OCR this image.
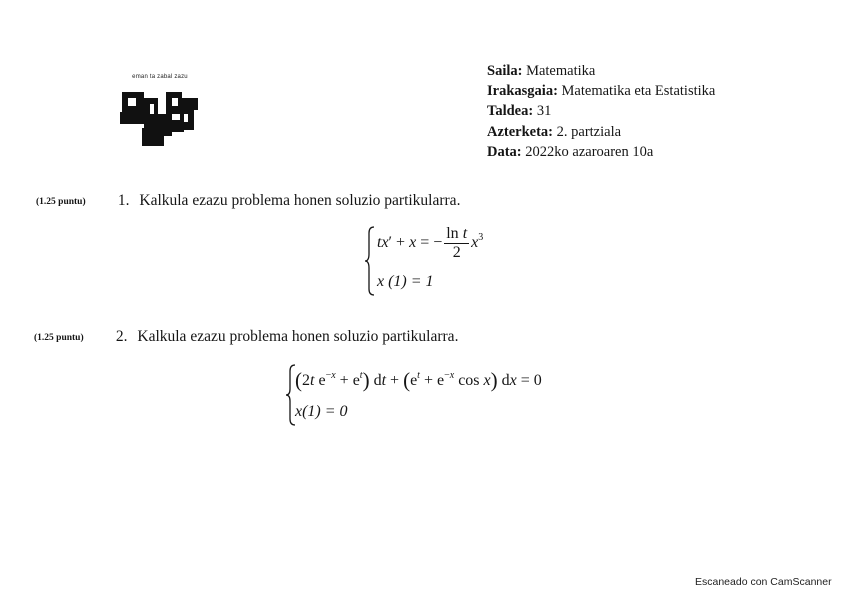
eman ta zabal zazu	Saila: Matematika
Irakasgaia: Matematika eta Estatistika
Taldea: 31
Azterketa: 2. partziala
Data: 2022ko azaroaren 10a
(1.25 puntu) 1. Kalkula ezazu problema honen soluzio partikularra.
tx′ + x = − $\frac{\text{ln t}}{2} x^3$
x (1) = 1
(1.25 puntu) 2. Kalkula ezazu problema honen soluzio partikularra.
(2t $e^{-x} + e^t$) dt + ($e^t + e^{-x}$ cos x) dx = 0
x(1) = 0
Escaneado con CamScanner
